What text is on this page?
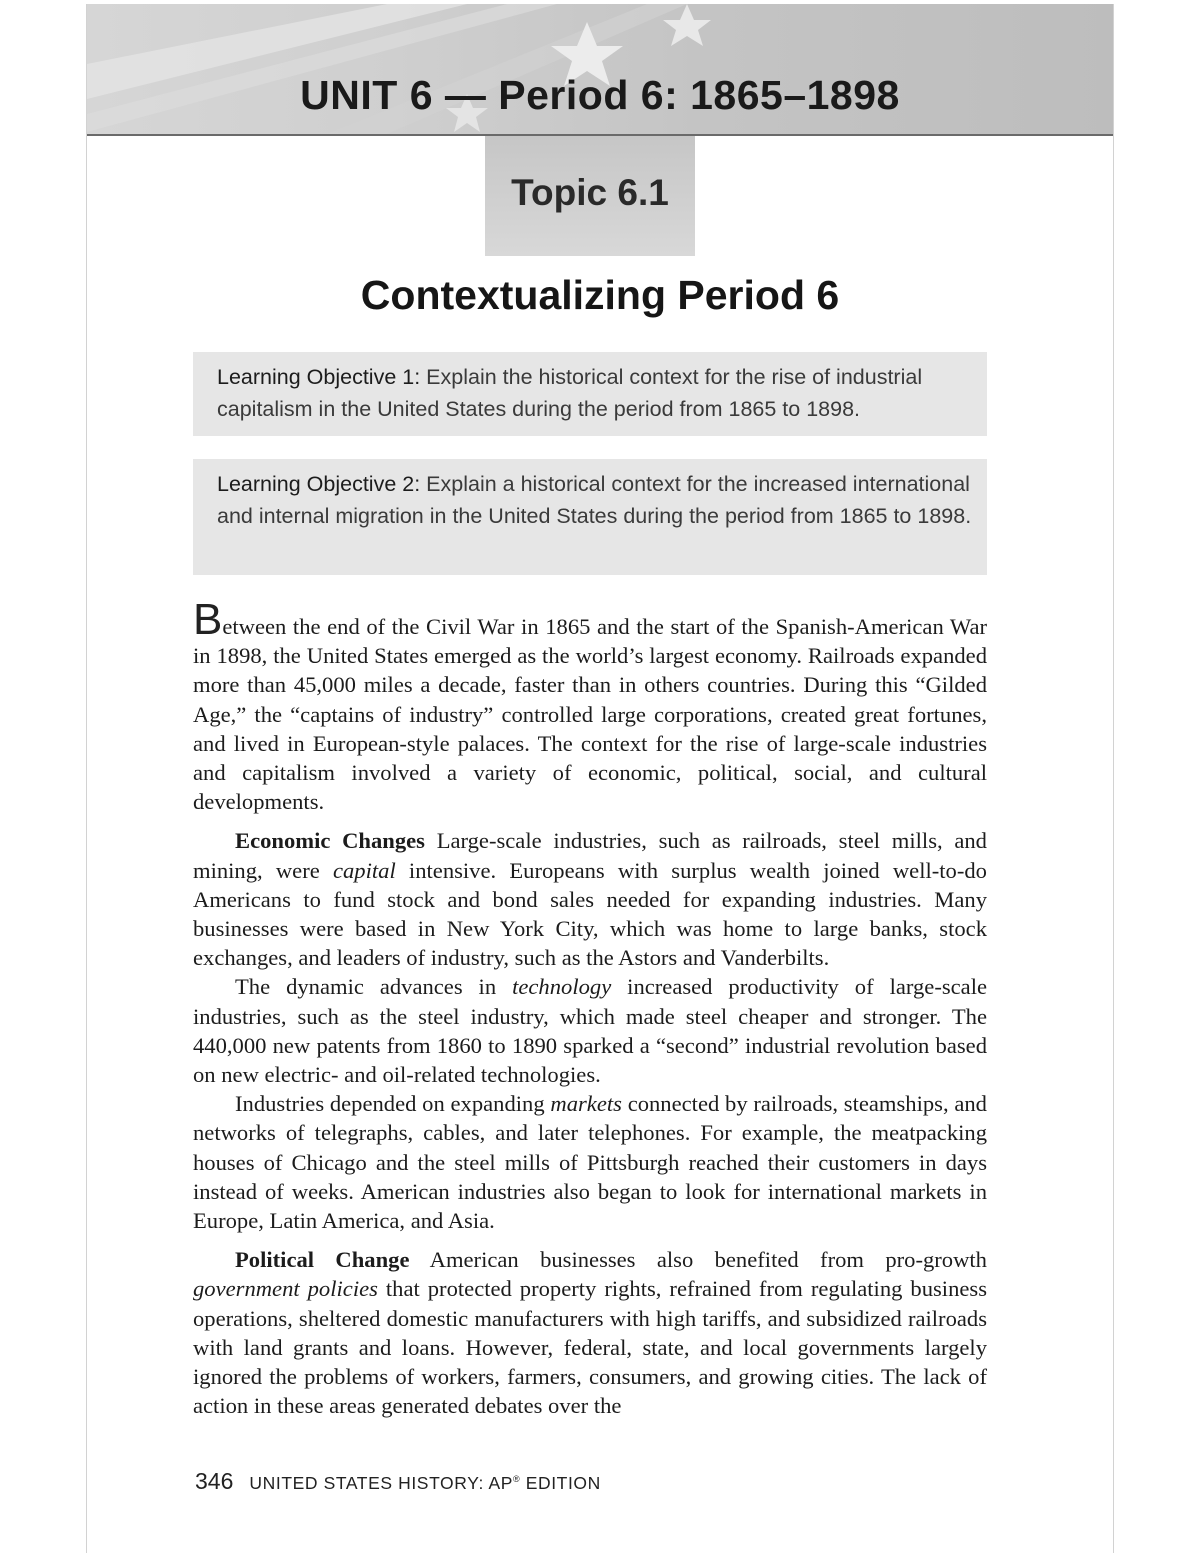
UNIT 6 — Period 6: 1865–1898
Topic 6.1
Contextualizing Period 6
Learning Objective 1: Explain the historical context for the rise of industrial capitalism in the United States during the period from 1865 to 1898.
Learning Objective 2: Explain a historical context for the increased international and internal migration in the United States during the period from 1865 to 1898.

Between the end of the Civil War in 1865 and the start of the Spanish-American War in 1898, the United States emerged as the world’s largest economy. Railroads expanded more than 45,000 miles a decade, faster than in others countries. During this “Gilded Age,” the “captains of industry” controlled large corporations, created great fortunes, and lived in European-style palaces. The context for the rise of large-scale industries and capitalism involved a variety of economic, political, social, and cultural developments.

Economic Changes Large-scale industries, such as railroads, steel mills, and mining, were capital intensive. Europeans with surplus wealth joined well-to-do Americans to fund stock and bond sales needed for expanding industries. Many businesses were based in New York City, which was home to large banks, stock exchanges, and leaders of industry, such as the Astors and Vanderbilts.

The dynamic advances in technology increased productivity of large-scale industries, such as the steel industry, which made steel cheaper and stronger. The 440,000 new patents from 1860 to 1890 sparked a “second” industrial revolution based on new electric- and oil-related technologies.

Industries depended on expanding markets connected by railroads, steamships, and networks of telegraphs, cables, and later telephones. For example, the meatpacking houses of Chicago and the steel mills of Pittsburgh reached their customers in days instead of weeks. American industries also began to look for international markets in Europe, Latin America, and Asia.

Political Change American businesses also benefited from pro-growth government policies that protected property rights, refrained from regulating business operations, sheltered domestic manufacturers with high tariffs, and subsidized railroads with land grants and loans. However, federal, state, and local governments largely ignored the problems of workers, farmers, consumers, and growing cities. The lack of action in these areas generated debates over the

346 UNITED STATES HISTORY: AP® EDITION
